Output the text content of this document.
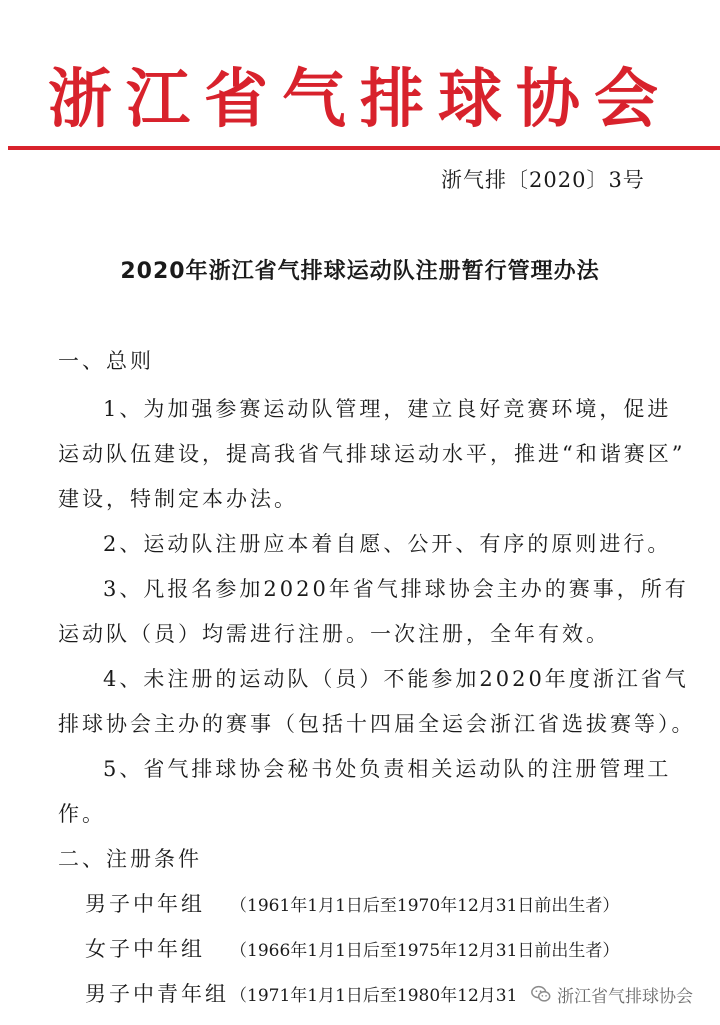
浙江省气排球协会
浙气排〔2020〕3号
2020年浙江省气排球运动队注册暂行管理办法
一、总则
1、为加强参赛运动队管理，建立良好竞赛环境，促进
运动队伍建设，提高我省气排球运动水平，推进“和谐赛区”
建设，特制定本办法。
2、运动队注册应本着自愿、公开、有序的原则进行。
3、凡报名参加2020年省气排球协会主办的赛事，所有
运动队（员）均需进行注册。一次注册，全年有效。
4、未注册的运动队（员）不能参加2020年度浙江省气
排球协会主办的赛事（包括十四届全运会浙江省选拔赛等）。
5、省气排球协会秘书处负责相关运动队的注册管理工
作。
二、注册条件
男子中年组 （1961年1月1日后至1970年12月31日前出生者）
女子中年组 （1966年1月1日后至1975年12月31日前出生者）
男子中青年组（1971年1月1日后至1980年12月31 浙江省气排球协会
